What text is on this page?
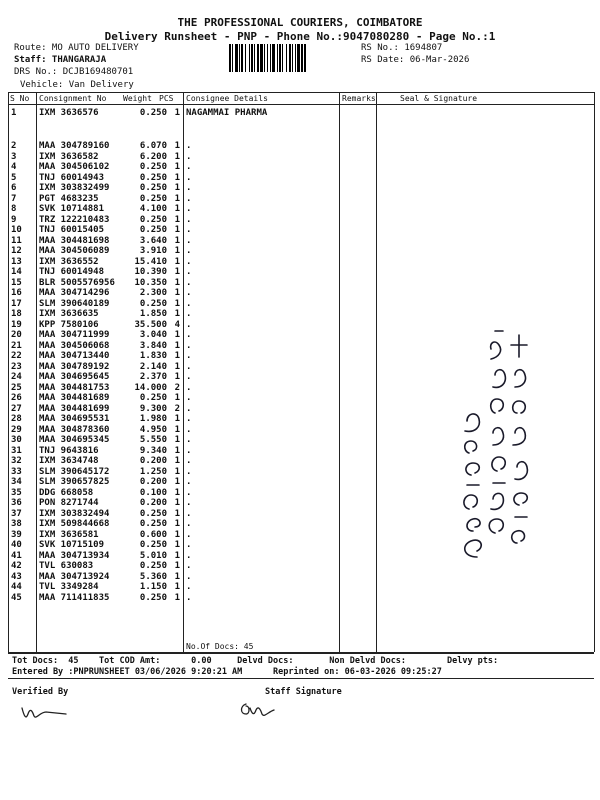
THE PROFESSIONAL COURIERS, COIMBATORE
Delivery Runsheet - PNP - Phone No.:9047080280 - Page No.:1
Route: MO AUTO DELIVERY
Staff: THANGARAJA
DRS No.: DCJB169480701
Vehicle: Van Delivery
RS No.: 1694807
RS Date: 06-Mar-2026
S No Consignment No Weight PCS Consignee Details	Remarks	Seal & Signature
1	IXM 3636576	0.250 1 NAGAMMAI PHARMA
2	MAA 304789160	6.070 1 .
3	IXM 3636582	6.200 1 .
4	MAA 304506102	0.250 1 .
5	TNJ 60014943	0.250 1 .
6	IXM 303832499	0.250 1 .
7	PGT 4683235	0.250 1 .
8	SVK 10714881	4.100 1 .
9	TRZ 122210483	0.250 1 .
10 TNJ 60015405	0.250 1 .
11 MAA 304481698	3.640 1 .
12 MAA 304506089	3.910 1 .
13 IXM 3636552	15.410 1 .
14 TNJ 60014948	10.390 1 .
15 BLR 5005576956	10.350 1 .
16 MAA 304714296	2.300 1 .
17 SLM 390640189	0.250 1 .
18 IXM 3636635	1.850 1 .
19 KPP 7580106	35.500 4 .
20 MAA 304711999	3.040 1 .
21 MAA 304506068	3.840 1 .
22 MAA 304713440	1.830 1 .
23 MAA 304789192	2.140 1 .
24 MAA 304695645	2.370 1 .
25 MAA 304481753	14.000 2 .
26 MAA 304481689	0.250 1 .
27 MAA 304481699	9.300 2 .
28 MAA 304695531	1.980 1 .
29 MAA 304878360	4.950 1 .
30 MAA 304695345	5.550 1 .
31 TNJ 9643816	9.340 1 .
32 IXM 3634748	0.200 1 .
33 SLM 390645172	1.250 1 .
34 SLM 390657825	0.200 1 .
35 DDG 668058	0.100 1 .
36 PON 8271744	0.200 1 .
37 IXM 303832494	0.250 1 .
38 IXM 509844668	0.250 1 .
39 IXM 3636581	0.600 1 .
40 SVK 10715109	0.250 1 .
41 MAA 304713934	5.010 1 .
42 TVL 630083	0.250 1 .
43 MAA 304713924	5.360 1 .
44 TVL 3349284	1.150 1 .
45 MAA 711411835	0.250 1 .
No.Of Docs: 45
Tot Docs:  45    Tot COD Amt:      0.00     Delvd Docs:       Non Delvd Docs:        Delvy pts:
Entered By :PNPRUNSHEET 03/06/2026 9:20:21 AM      Reprinted on: 06-03-2026 09:25:27
Verified By	Staff Signature
